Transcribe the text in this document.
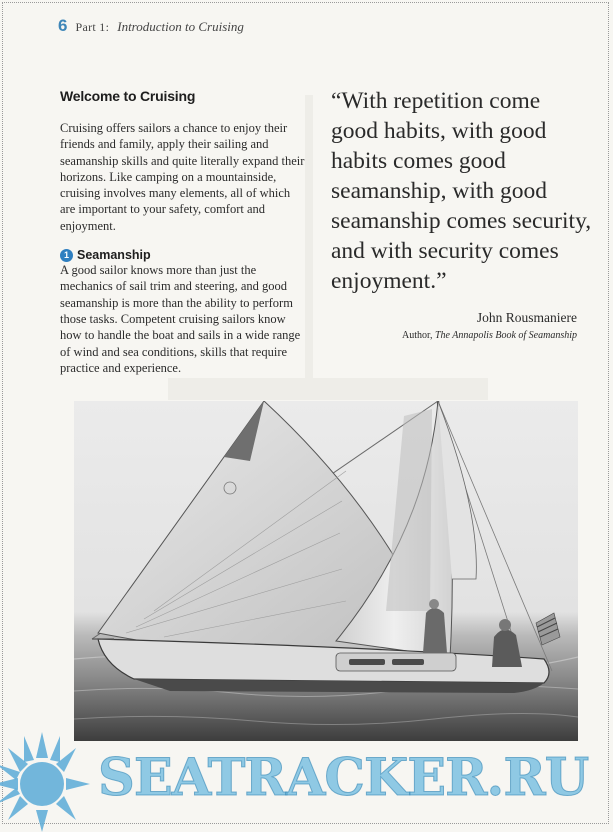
6 Part 1: Introduction to Cruising
Welcome to Cruising

Cruising offers sailors a chance to enjoy their friends and family, apply their sailing and seamanship skills and quite literally expand their horizons. Like camping on a mountainside, cruising involves many elements, all of which are important to your safety, comfort and enjoyment.

1 Seamanship

A good sailor knows more than just the mechanics of sail trim and steering, and good seamanship is more than the ability to perform those tasks. Competent cruising sailors know how to handle the boat and sails in a wide range of wind and sea conditions, skills that require practice and experience.

“With repetition come good habits, with good habits comes good seamanship, with good seamanship comes security, and with security comes enjoyment.”

John Rousmaniere
Author, The Annapolis Book of Seamanship
SEATRACKER.RU
